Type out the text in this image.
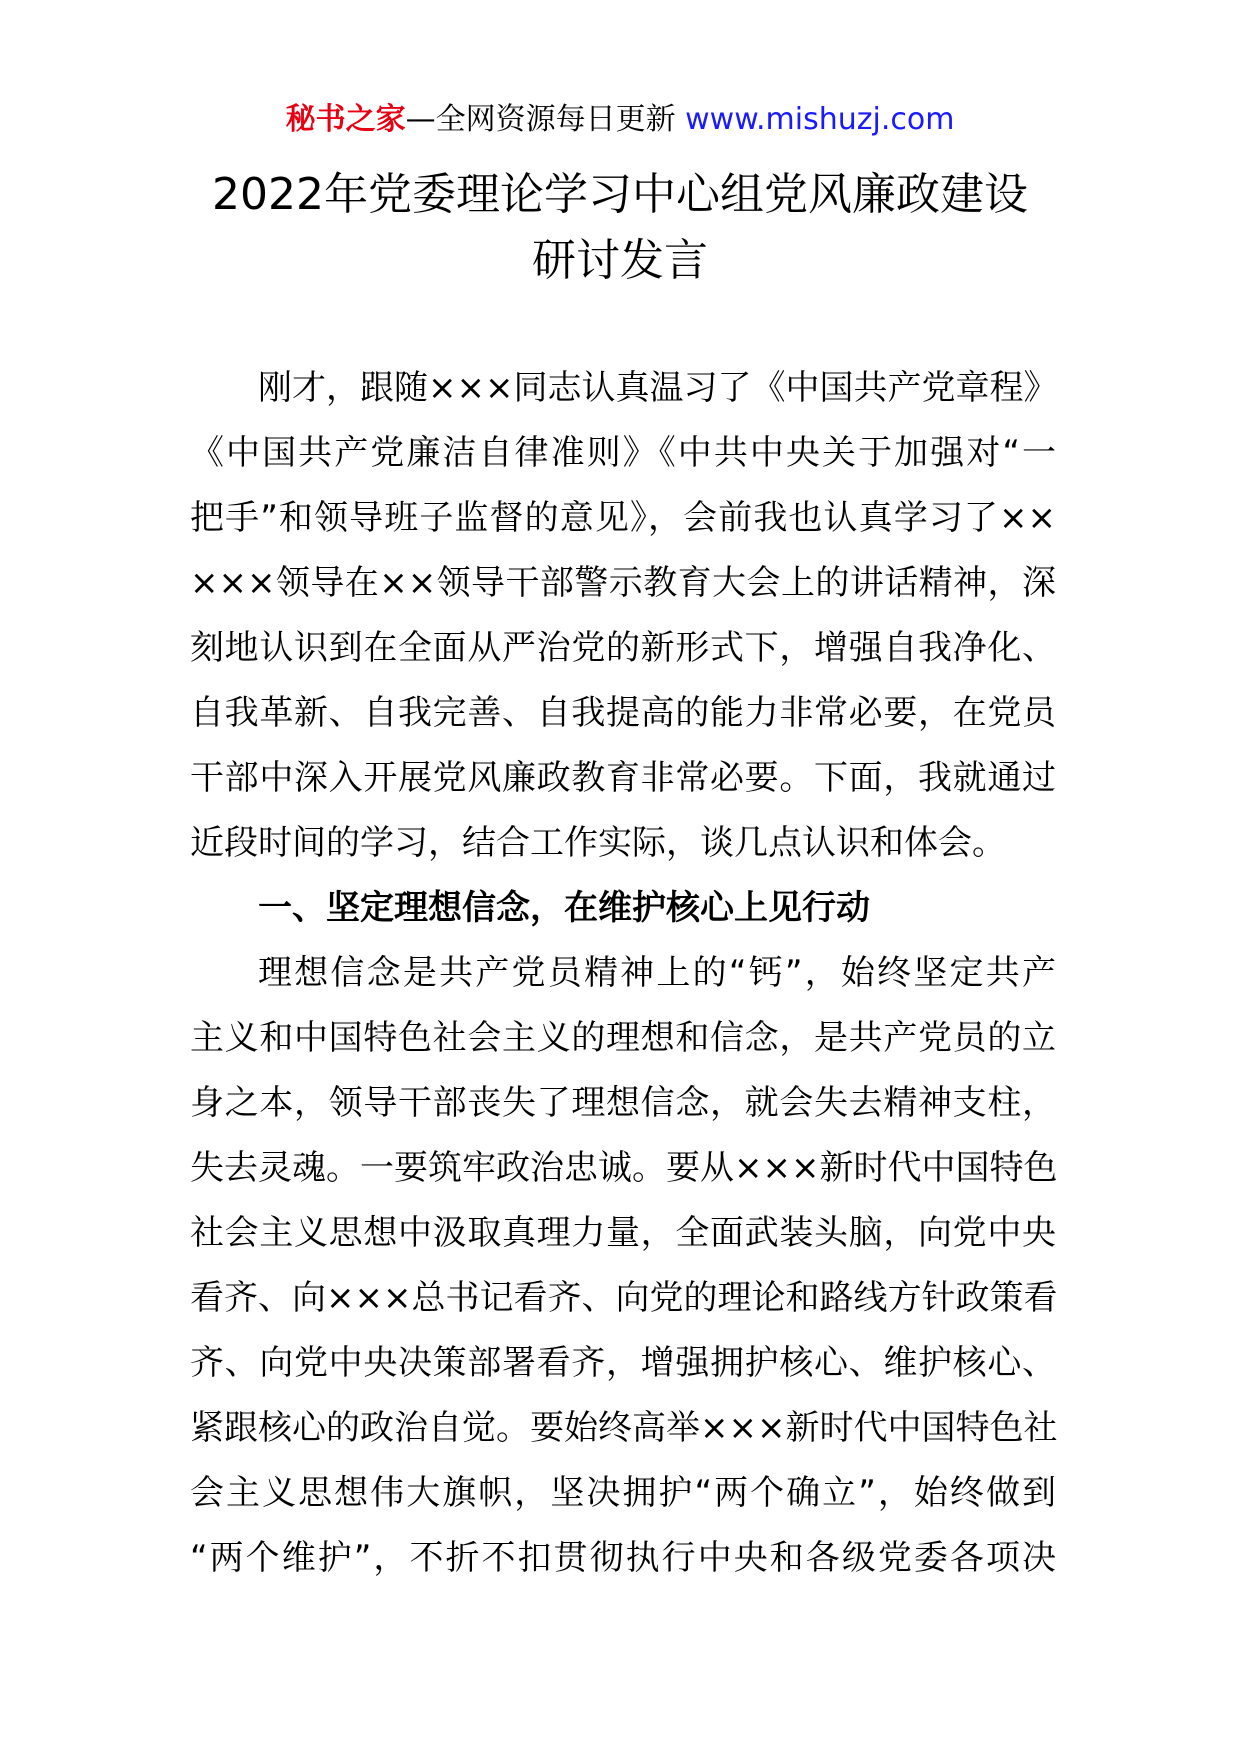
秘书之家—全网资源每日更新 www.mishuzj.com
2022年党委理论学习中心组党风廉政建设
研讨发言
刚才，跟随×××同志认真温习了《中国共产党章程》
《中国共产党廉洁自律准则》《中共中央关于加强对“一
把手”和领导班子监督的意见》，会前我也认真学习了××
×××领导在××领导干部警示教育大会上的讲话精神，深
刻地认识到在全面从严治党的新形式下，增强自我净化、
自我革新、自我完善、自我提高的能力非常必要，在党员
干部中深入开展党风廉政教育非常必要。下面，我就通过
近段时间的学习，结合工作实际，谈几点认识和体会。
一、坚定理想信念，在维护核心上见行动
理想信念是共产党员精神上的“钙”，始终坚定共产
主义和中国特色社会主义的理想和信念，是共产党员的立
身之本，领导干部丧失了理想信念，就会失去精神支柱，
失去灵魂。一要筑牢政治忠诚。要从×××新时代中国特色
社会主义思想中汲取真理力量，全面武装头脑，向党中央
看齐、向×××总书记看齐、向党的理论和路线方针政策看
齐、向党中央决策部署看齐，增强拥护核心、维护核心、
紧跟核心的政治自觉。要始终高举×××新时代中国特色社
会主义思想伟大旗帜，坚决拥护“两个确立”，始终做到
“两个维护”，不折不扣贯彻执行中央和各级党委各项决
